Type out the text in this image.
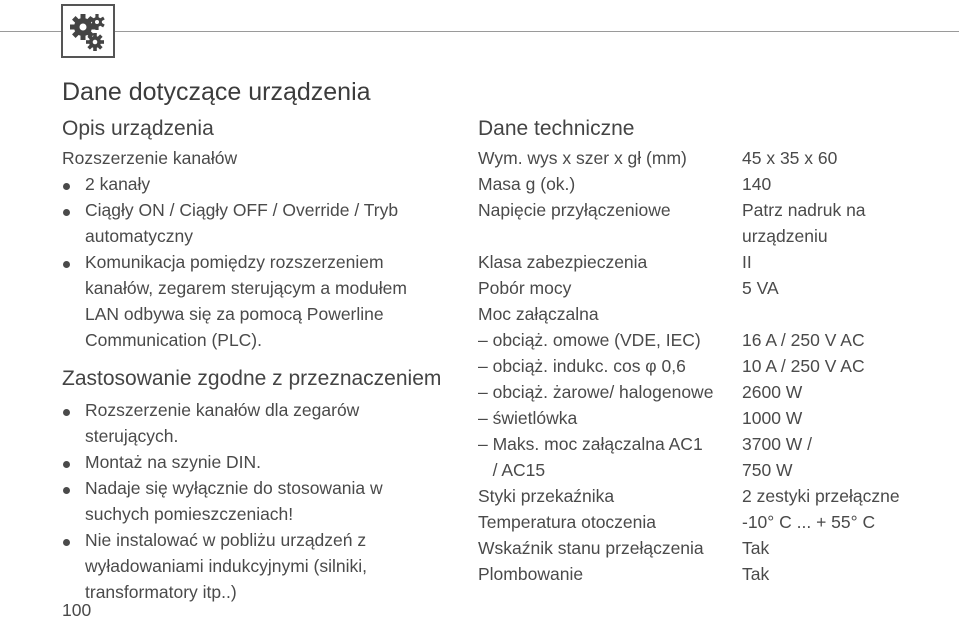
Dane dotyczące urządzenia
Opis urządzenia
Rozszerzenie kanałów
2 kanały
Ciągły ON / Ciągły OFF / Override / Tryb
automatyczny
Komunikacja pomiędzy rozszerzeniem
kanałów, zegarem sterującym a modułem
LAN odbywa się za pomocą Powerline
Communication (PLC).
Zastosowanie zgodne z przeznaczeniem
Rozszerzenie kanałów dla zegarów
sterujących.
Montaż na szynie DIN.
Nadaje się wyłącznie do stosowania w
suchych pomieszczeniach!
Nie instalować w pobliżu urządzeń z
wyładowaniami indukcyjnymi (silniki,
transformatory itp..)
Dane techniczne
Wym. wys x szer x gł (mm)	45 x 35 x 60
Masa g (ok.)	140
Napięcie przyłączeniowe	Patrz nadruk na
urządzeniu
Klasa zabezpieczenia	II
Pobór mocy	5 VA
Moc załączalna
– obciąż. omowe (VDE, IEC) 16 A / 250 V AC
– obciąż. indukc. cos φ 0,6	10 A / 250 V AC
– obciąż. żarowe/ halogenowe 2600 W
– świetlówka	1000 W
– Maks. moc załączalna AC1 3700 W /
/ AC15	750 W
Styki przekaźnika	2 zestyki przełączne
Temperatura otoczenia	-10° C ... + 55° C
Wskaźnik stanu przełączenia Tak
Plombowanie	Tak
100
